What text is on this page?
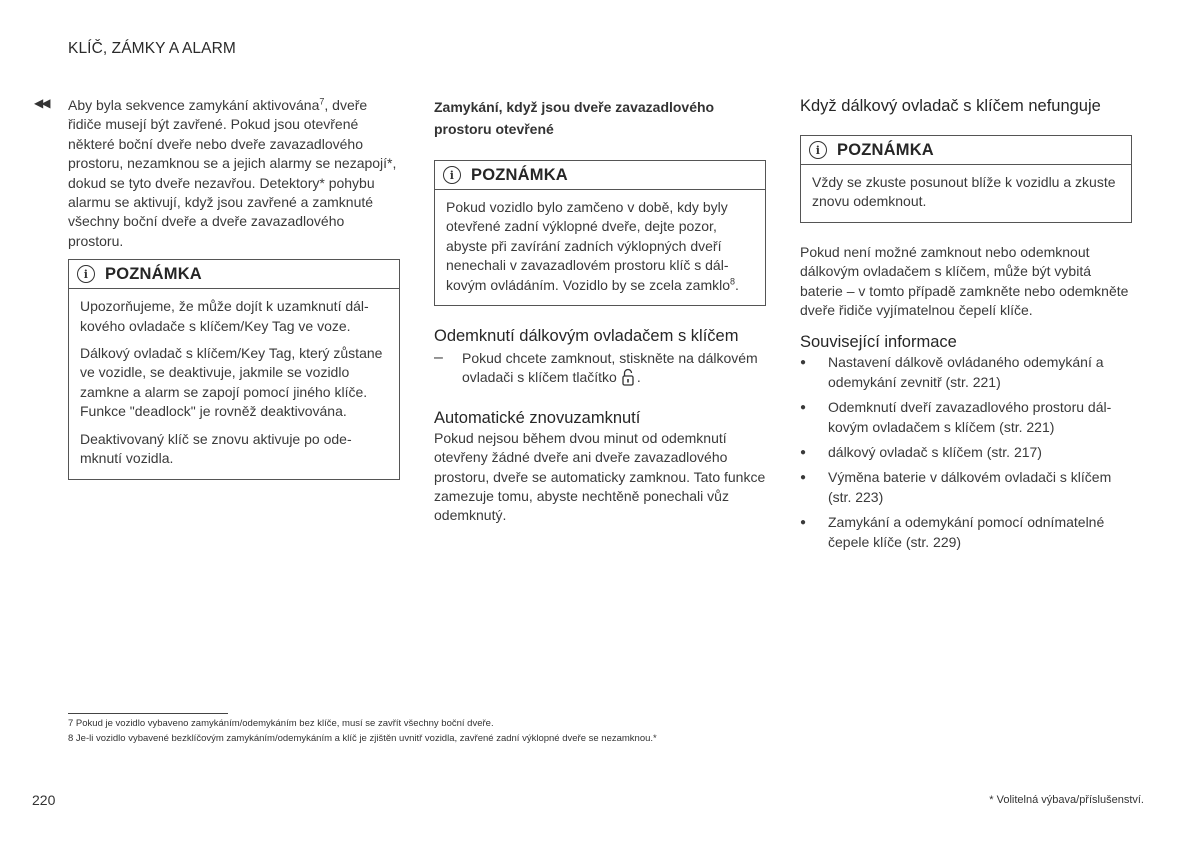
KLÍČ, ZÁMKY A ALARM
◀◀ Aby byla sekvence zamykání aktivována$^7$, dveře řidiče musejí být zavřené. Pokud jsou otevřené některé boční dveře nebo dveře zavazadlového prostoru, nezamknou se a jejich alarmy se nezapojí*, dokud se tyto dveře nezavřou. Detektory* pohybu alarmu se aktivují, když jsou zavřené a zamknuté všechny boční dveře a dveře zavazadlového prostoru.

i	POZNÁMKA

Upozorňujeme, že může dojít k uzamknutí dálkového ovladače s klíčem/Key Tag ve voze.

Dálkový ovladač s klíčem/Key Tag, který zůstane ve vozidle, se deaktivuje, jakmile se vozidlo zamkne a alarm se zapojí pomocí jiného klíče. Funkce "deadlock" je rovněž deaktivována.

Deaktivovaný klíč se znovu aktivuje po odemknutí vozidla.

Zamykání, když jsou dveře zavazadlového prostoru otevřené
i	POZNÁMKA

Pokud vozidlo bylo zamčeno v době, kdy byly otevřené zadní výklopné dveře, dejte pozor, abyste při zavírání zadních výklopných dveří nenechali v zavazadlovém prostoru klíč s dálkovým ovládáním. Vozidlo by se zcela zamklo$^8$.

Odemknutí dálkovým ovladačem s klíčem
–	Pokud chcete zamknout, stiskněte na dálkovém ovladači s klíčem tlačítko .

Automatické znovuzamknutí

Pokud nejsou během dvou minut od odemknutí otevřeny žádné dveře ani dveře zavazadlového prostoru, dveře se automaticky zamknou. Tato funkce zamezuje tomu, abyste nechtěně ponechali vůz odemknutý.

Když dálkový ovladač s klíčem nefunguje
i	POZNÁMKA

Vždy se zkuste posunout blíže k vozidlu a zkuste znovu odemknout.

Pokud není možné zamknout nebo odemknout dálkovým ovladačem s klíčem, může být vybitá baterie – v tomto případě zamkněte nebo odemkněte dveře řidiče vyjímatelnou čepelí klíče.

Související informace
● Nastavení dálkově ovládaného odemykání a odemykání zevnitř (str. 221)
● Odemknutí dveří zavazadlového prostoru dálkovým ovladačem s klíčem (str. 221)
● dálkový ovladač s klíčem (str. 217)
● Výměna baterie v dálkovém ovladači s klíčem (str. 223)
● Zamykání a odemykání pomocí odnímatelné čepele klíče (str. 229)
7 Pokud je vozidlo vybaveno zamykáním/odemykáním bez klíče, musí se zavřít všechny boční dveře.
8 Je-li vozidlo vybavené bezklíčovým zamykáním/odemykáním a klíč je zjištěn uvnitř vozidla, zavřené zadní výklopné dveře se nezamknou.*
220	* Volitelná výbava/příslušenství.
